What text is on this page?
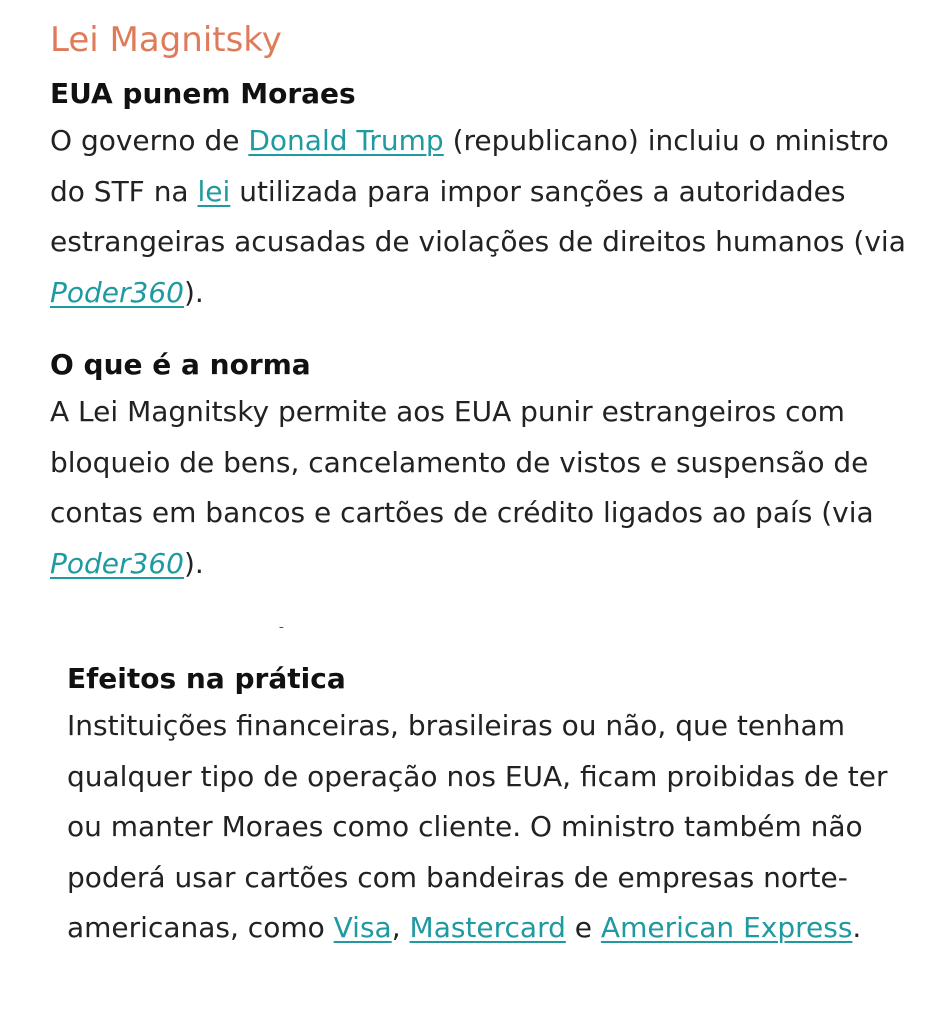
Lei Magnitsky
EUA punem Moraes

O governo de Donald Trump (republicano) incluiu o ministro do STF na lei utilizada para impor sanções a autoridades estrangeiras acusadas de violações de direitos humanos (via Poder360).

O que é a norma

A Lei Magnitsky permite aos EUA punir estrangeiros com bloqueio de bens, cancelamento de vistos e suspensão de contas em bancos e cartões de crédito ligados ao país (via Poder360).

Efeitos na prática

Instituições financeiras, brasileiras ou não, que tenham qualquer tipo de operação nos EUA, ficam proibidas de ter ou manter Moraes como cliente. O ministro também não poderá usar cartões com bandeiras de empresas norte-americanas, como Visa, Mastercard e American Express.
